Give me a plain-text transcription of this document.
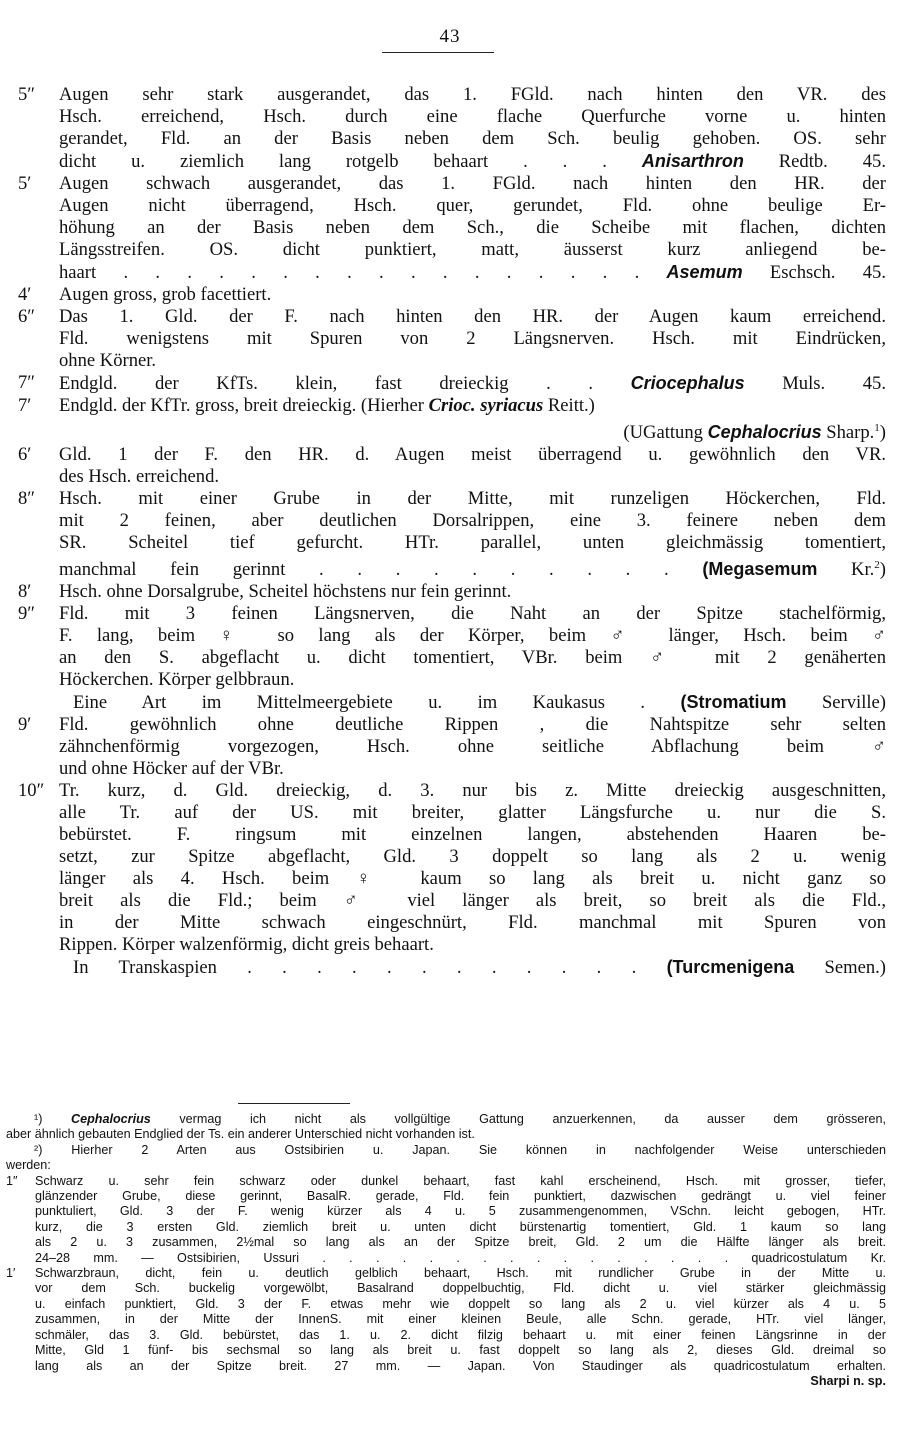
43
5″	Augen sehr stark ausgerandet, das 1. FGld. nach hinten den VR. des
Hsch. erreichend, Hsch. durch eine flache Querfurche vorne u. hinten
gerandet, Fld. an der Basis neben dem Sch. beulig gehoben. OS. sehr
dicht u. ziemlich lang rotgelb behaart . . . Anisarthron Redtb. 45.
5′	Augen schwach ausgerandet, das 1. FGld. nach hinten den HR. der
Augen nicht überragend, Hsch. quer, gerundet, Fld. ohne beulige Er-
höhung an der Basis neben dem Sch., die Scheibe mit flachen, dichten
Längsstreifen. OS. dicht punktiert, matt, äusserst kurz anliegend be-
haart . . . . . . . . . . . . . . . . . Asemum Eschsch. 45.
4′	Augen gross, grob facettiert.
6″	Das 1. Gld. der F. nach hinten den HR. der Augen kaum erreichend.
Fld. wenigstens mit Spuren von 2 Längsnerven. Hsch. mit Eindrücken,
ohne Körner.
7″	Endgld. der KfTs. klein, fast dreieckig . . Criocephalus Muls. 45.
7′	Endgld. der KfTr. gross, breit dreieckig. (Hierher Crioc. syriacus Reitt.)
(UGattung Cephalocrius Sharp.$^1$)
6′	Gld. 1 der F. den HR. d. Augen meist überragend u. gewöhnlich den VR.
des Hsch. erreichend.
8″	Hsch. mit einer Grube in der Mitte, mit runzeligen Höckerchen, Fld.
mit 2 feinen, aber deutlichen Dorsalrippen, eine 3. feinere neben dem
SR. Scheitel tief gefurcht. HTr. parallel, unten gleichmässig tomentiert,
manchmal fein gerinnt . . . . . . . . . . (Megasemum Kr.$^2$)
8′	Hsch. ohne Dorsalgrube, Scheitel höchstens nur fein gerinnt.
9″	Fld. mit 3 feinen Längsnerven, die Naht an der Spitze stachelförmig,
F. lang, beim ♀ so lang als der Körper, beim ♂ länger, Hsch. beim ♂
an den S. abgeflacht u. dicht tomentiert, VBr. beim ♂ mit 2 genäherten
Höckerchen. Körper gelbbraun.
Eine Art im Mittelmeergebiete u. im Kaukasus . (Stromatium Serville)
9′	Fld. gewöhnlich ohne deutliche Rippen , die Nahtspitze sehr selten
zähnchenförmig vorgezogen, Hsch. ohne seitliche Abflachung beim ♂
und ohne Höcker auf der VBr.
10″ Tr. kurz, d. Gld. dreieckig, d. 3. nur bis z. Mitte dreieckig ausgeschnitten,
alle Tr. auf der US. mit breiter, glatter Längsfurche u. nur die S.
bebürstet. F. ringsum mit einzelnen langen, abstehenden Haaren be-
setzt, zur Spitze abgeflacht, Gld. 3 doppelt so lang als 2 u. wenig
länger als 4. Hsch. beim ♀ kaum so lang als breit u. nicht ganz so
breit als die Fld.; beim ♂ viel länger als breit, so breit als die Fld.,
in der Mitte schwach eingeschnürt, Fld. manchmal mit Spuren von
Rippen. Körper walzenförmig, dicht greis behaart.
In Transkaspien . . . . . . . . . . . . (Turcmenigena Semen.)
¹) Cephalocrius vermag ich nicht als vollgültige Gattung anzuerkennen, da ausser dem grösseren,
aber ähnlich gebauten Endglied der Ts. ein anderer Unterschied nicht vorhanden ist.
²) Hierher 2 Arten aus Ostsibirien u. Japan. Sie können in nachfolgender Weise unterschieden
werden:
1″ Schwarz u. sehr fein schwarz oder dunkel behaart, fast kahl erscheinend, Hsch. mit grosser, tiefer,
glänzender Grube, diese gerinnt, BasalR. gerade, Fld. fein punktiert, dazwischen gedrängt u. viel feiner
punktuliert, Gld. 3 der F. wenig kürzer als 4 u. 5 zusammengenommen, VSchn. leicht gebogen, HTr.
kurz, die 3 ersten Gld. ziemlich breit u. unten dicht bürstenartig tomentiert, Gld. 1 kaum so lang
als 2 u. 3 zusammen, 2½mal so lang als an der Spitze breit, Gld. 2 um die Hälfte länger als breit.
24–28 mm. — Ostsibirien, Ussuri . . . . . . . . . . . . . . . . quadricostulatum Kr.
1′ Schwarzbraun, dicht, fein u. deutlich gelblich behaart, Hsch. mit rundlicher Grube in der Mitte u.
vor dem Sch. buckelig vorgewölbt, Basalrand doppelbuchtig, Fld. dicht u. viel stärker gleichmässig
u. einfach punktiert, Gld. 3 der F. etwas mehr wie doppelt so lang als 2 u. viel kürzer als 4 u. 5
zusammen, in der Mitte der InnenS. mit einer kleinen Beule, alle Schn. gerade, HTr. viel länger,
schmäler, das 3. Gld. bebürstet, das 1. u. 2. dicht filzig behaart u. mit einer feinen Längsrinne in der
Mitte, Gld 1 fünf- bis sechsmal so lang als breit u. fast doppelt so lang als 2, dieses Gld. dreimal so
lang als an der Spitze breit. 27 mm. — Japan. Von Staudinger als quadricostulatum erhalten.
Sharpi n. sp.
